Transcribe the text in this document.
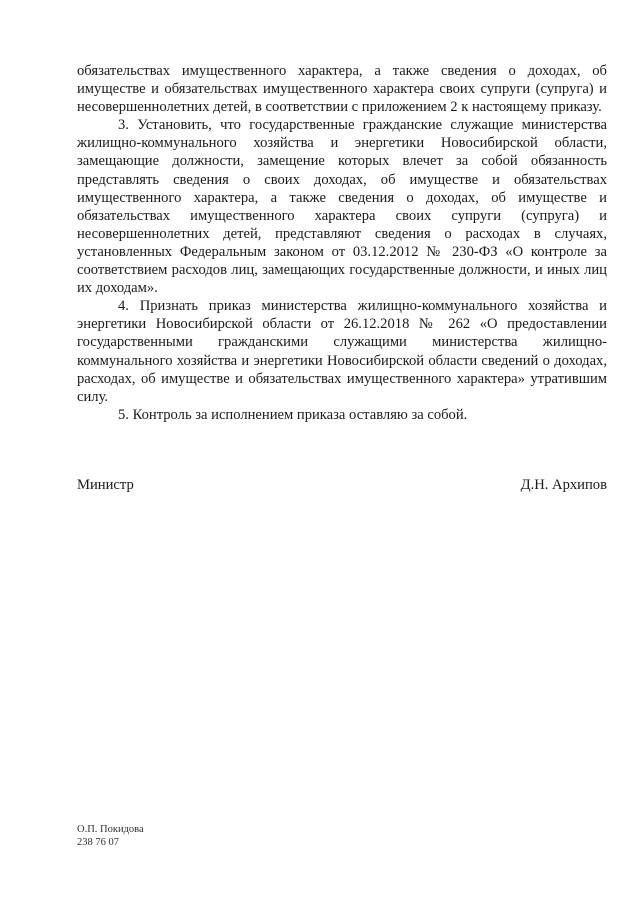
обязательствах имущественного характера, а также сведения о доходах, об имуществе и обязательствах имущественного характера своих супруги (супруга) и несовершеннолетних детей, в соответствии с приложением 2 к настоящему приказу.

3. Установить, что государственные гражданские служащие министерства жилищно-коммунального хозяйства и энергетики Новосибирской области, замещающие должности, замещение которых влечет за собой обязанность представлять сведения о своих доходах, об имуществе и обязательствах имущественного характера, а также сведения о доходах, об имуществе и обязательствах имущественного характера своих супруги (супруга) и несовершеннолетних детей, представляют сведения о расходах в случаях, установленных Федеральным законом от 03.12.2012 № 230-ФЗ «О контроле за соответствием расходов лиц, замещающих государственные должности, и иных лиц их доходам».

4. Признать приказ министерства жилищно-коммунального хозяйства и энергетики Новосибирской области от 26.12.2018 № 262 «О предоставлении государственными гражданскими служащими министерства жилищно-коммунального хозяйства и энергетики Новосибирской области сведений о доходах, расходах, об имуществе и обязательствах имущественного характера» утратившим силу.

5. Контроль за исполнением приказа оставляю за собой.

Министр	Д.Н. Архипов
О.П. Покидова
238 76 07
